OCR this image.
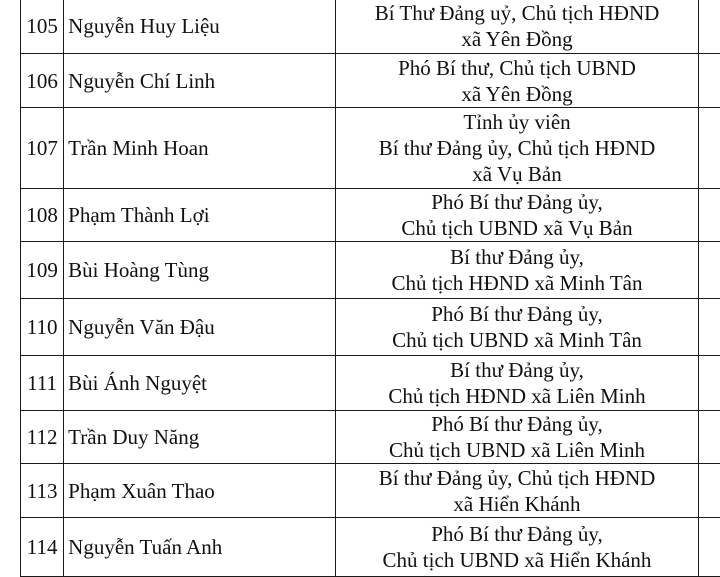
105	Nguyễn Huy Liệu	Bí Thư Đảng uỷ, Chủ tịch HĐND
xã Yên Đồng	

106	Nguyễn Chí Linh	Phó Bí thư, Chủ tịch UBND
xã Yên Đồng	

107	Trần Minh Hoan	Tỉnh ủy viên
Bí thư Đảng ủy, Chủ tịch HĐND
xã Vụ Bản	

108	Phạm Thành Lợi	Phó Bí thư Đảng ủy,
Chủ tịch UBND xã Vụ Bản	

109	Bùi Hoàng Tùng	Bí thư Đảng ủy,
Chủ tịch HĐND xã Minh Tân	

110	Nguyễn Văn Đậu	Phó Bí thư Đảng ủy,
Chủ tịch UBND xã Minh Tân	

111	Bùi Ánh Nguyệt	Bí thư Đảng ủy,
Chủ tịch HĐND xã Liên Minh	

112	Trần Duy Năng	Phó Bí thư Đảng ủy,
Chủ tịch UBND xã Liên Minh	

113	Phạm Xuân Thao	Bí thư Đảng ủy, Chủ tịch HĐND
xã Hiển Khánh	

114	Nguyễn Tuấn Anh	Phó Bí thư Đảng ủy,
Chủ tịch UBND xã Hiển Khánh	
